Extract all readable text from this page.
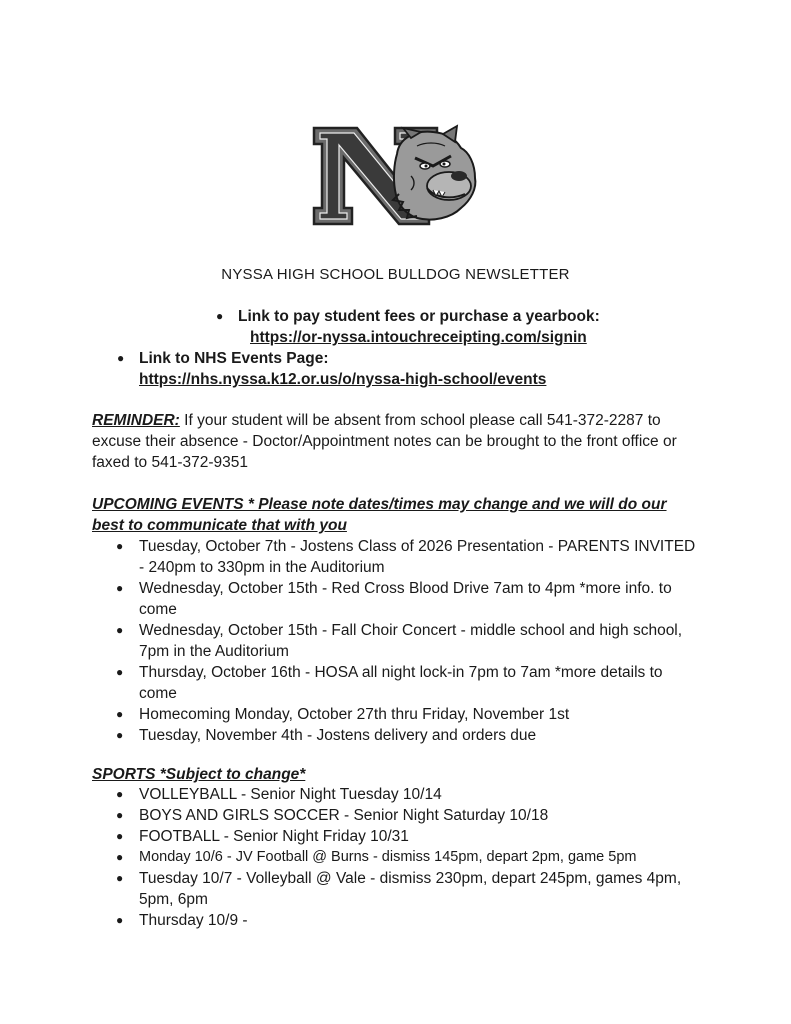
NYSSA HIGH SCHOOL BULLDOG NEWSLETTER
● Link to pay student fees or purchase a yearbook:
https://or-nyssa.intouchreceipting.com/signin
● Link to NHS Events Page:
https://nhs.nyssa.k12.or.us/o/nyssa-high-school/events
REMINDER: If your student will be absent from school please call 541-372-2287 to
excuse their absence - Doctor/Appointment notes can be brought to the front office or
faxed to 541-372-9351
UPCOMING EVENTS * Please note dates/times may change and we will do our
best to communicate that with you
● Tuesday, October 7th - Jostens Class of 2026 Presentation - PARENTS INVITED
- 240pm to 330pm in the Auditorium
● Wednesday, October 15th - Red Cross Blood Drive 7am to 4pm *more info. to
come
● Wednesday, October 15th - Fall Choir Concert - middle school and high school,
7pm in the Auditorium
● Thursday, October 16th - HOSA all night lock-in 7pm to 7am *more details to
come
● Homecoming Monday, October 27th thru Friday, November 1st
● Tuesday, November 4th - Jostens delivery and orders due
SPORTS *Subject to change*
● VOLLEYBALL - Senior Night Tuesday 10/14
● BOYS AND GIRLS SOCCER - Senior Night Saturday 10/18
● FOOTBALL - Senior Night Friday 10/31
● Monday 10/6 - JV Football @ Burns - dismiss 145pm, depart 2pm, game 5pm
● Tuesday 10/7 - Volleyball @ Vale - dismiss 230pm, depart 245pm, games 4pm,
5pm, 6pm
● Thursday 10/9 -
